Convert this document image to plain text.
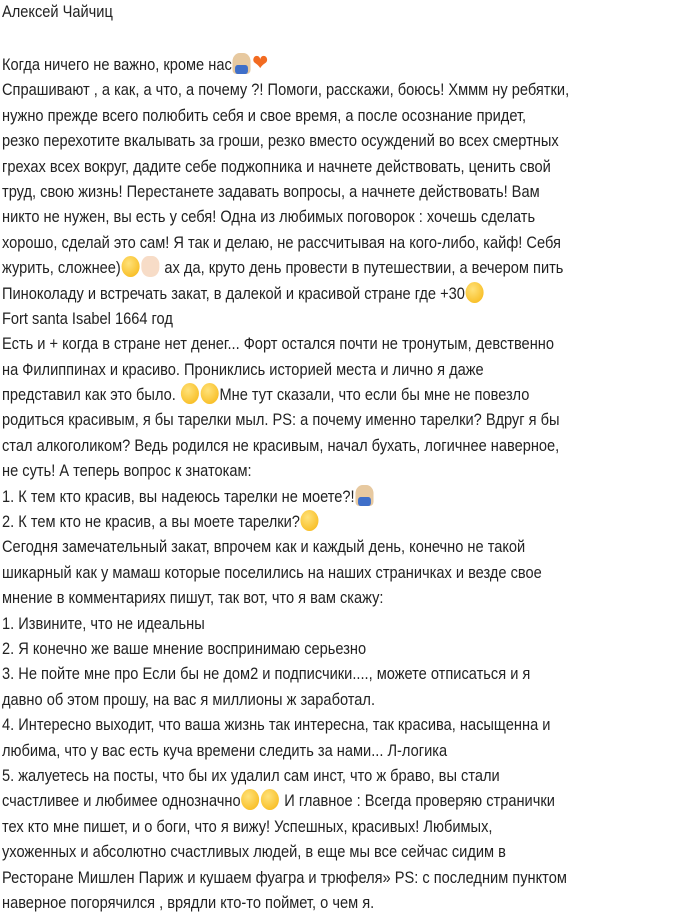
Алексей Чайчиц
Когда ничего не важно, кроме нас❤
Спрашивают , а как, а что, а почему ?! Помоги, расскажи, боюсь! Хммм ну ребятки,
нужно прежде всего полюбить себя и свое время, а после осознание придет,
резко перехотите вкалывать за гроши, резко вместо осуждений во всех смертных
грехах всех вокруг, дадите себе поджопника и начнете действовать, ценить свой
труд, свою жизнь! Перестанете задавать вопросы, а начнете действовать! Вам
никто не нужен, вы есть у себя! Одна из любимых поговорок : хочешь сделать
хорошо, сделай это сам! Я так и делаю, не рассчитывая на кого-либо, кайф! Себя
журить, сложнее) ах да, круто день провести в путешествии, а вечером пить
Пиноколаду и встречать закат, в далекой и красивой стране где +30
Fort santa Isabel 1664 год
Есть и + когда в стране нет денег... Форт остался почти не тронутым, девственно
на Филиппинах и красиво. Прониклись историей места и лично я даже
представил как это было. Мне тут сказали, что если бы мне не повезло
родиться красивым, я бы тарелки мыл. PS: а почему именно тарелки? Вдруг я бы
стал алкоголиком? Ведь родился не красивым, начал бухать, логичнее наверное,
не суть! А теперь вопрос к знатокам:
1. К тем кто красив, вы надеюсь тарелки не моете?!
2. К тем кто не красив, а вы моете тарелки?
Сегодня замечательный закат, впрочем как и каждый день, конечно не такой
шикарный как у мамаш которые поселились на наших страничках и везде свое
мнение в комментариях пишут, так вот, что я вам скажу:
1. Извините, что не идеальны
2. Я конечно же ваше мнение воспринимаю серьезно
3. Не пойте мне про Если бы не дом2 и подписчики...., можете отписаться и я
давно об этом прошу, на вас я миллионы ж заработал.
4. Интересно выходит, что ваша жизнь так интересна, так красива, насыщенна и
любима, что у вас есть куча времени следить за нами... Л-логика
5. жалуетесь на посты, что бы их удалил сам инст, что ж браво, вы стали
счастливее и любимее однозначно И главное : Всегда проверяю странички
тех кто мне пишет, и о боги, что я вижу! Успешных, красивых! Любимых,
ухоженных и абсолютно счастливых людей, в еще мы все сейчас сидим в
Ресторане Мишлен Париж и кушаем фуагра и трюфеля» PS: с последним пунктом
наверное погорячился , врядли кто-то поймет, о чем я.
